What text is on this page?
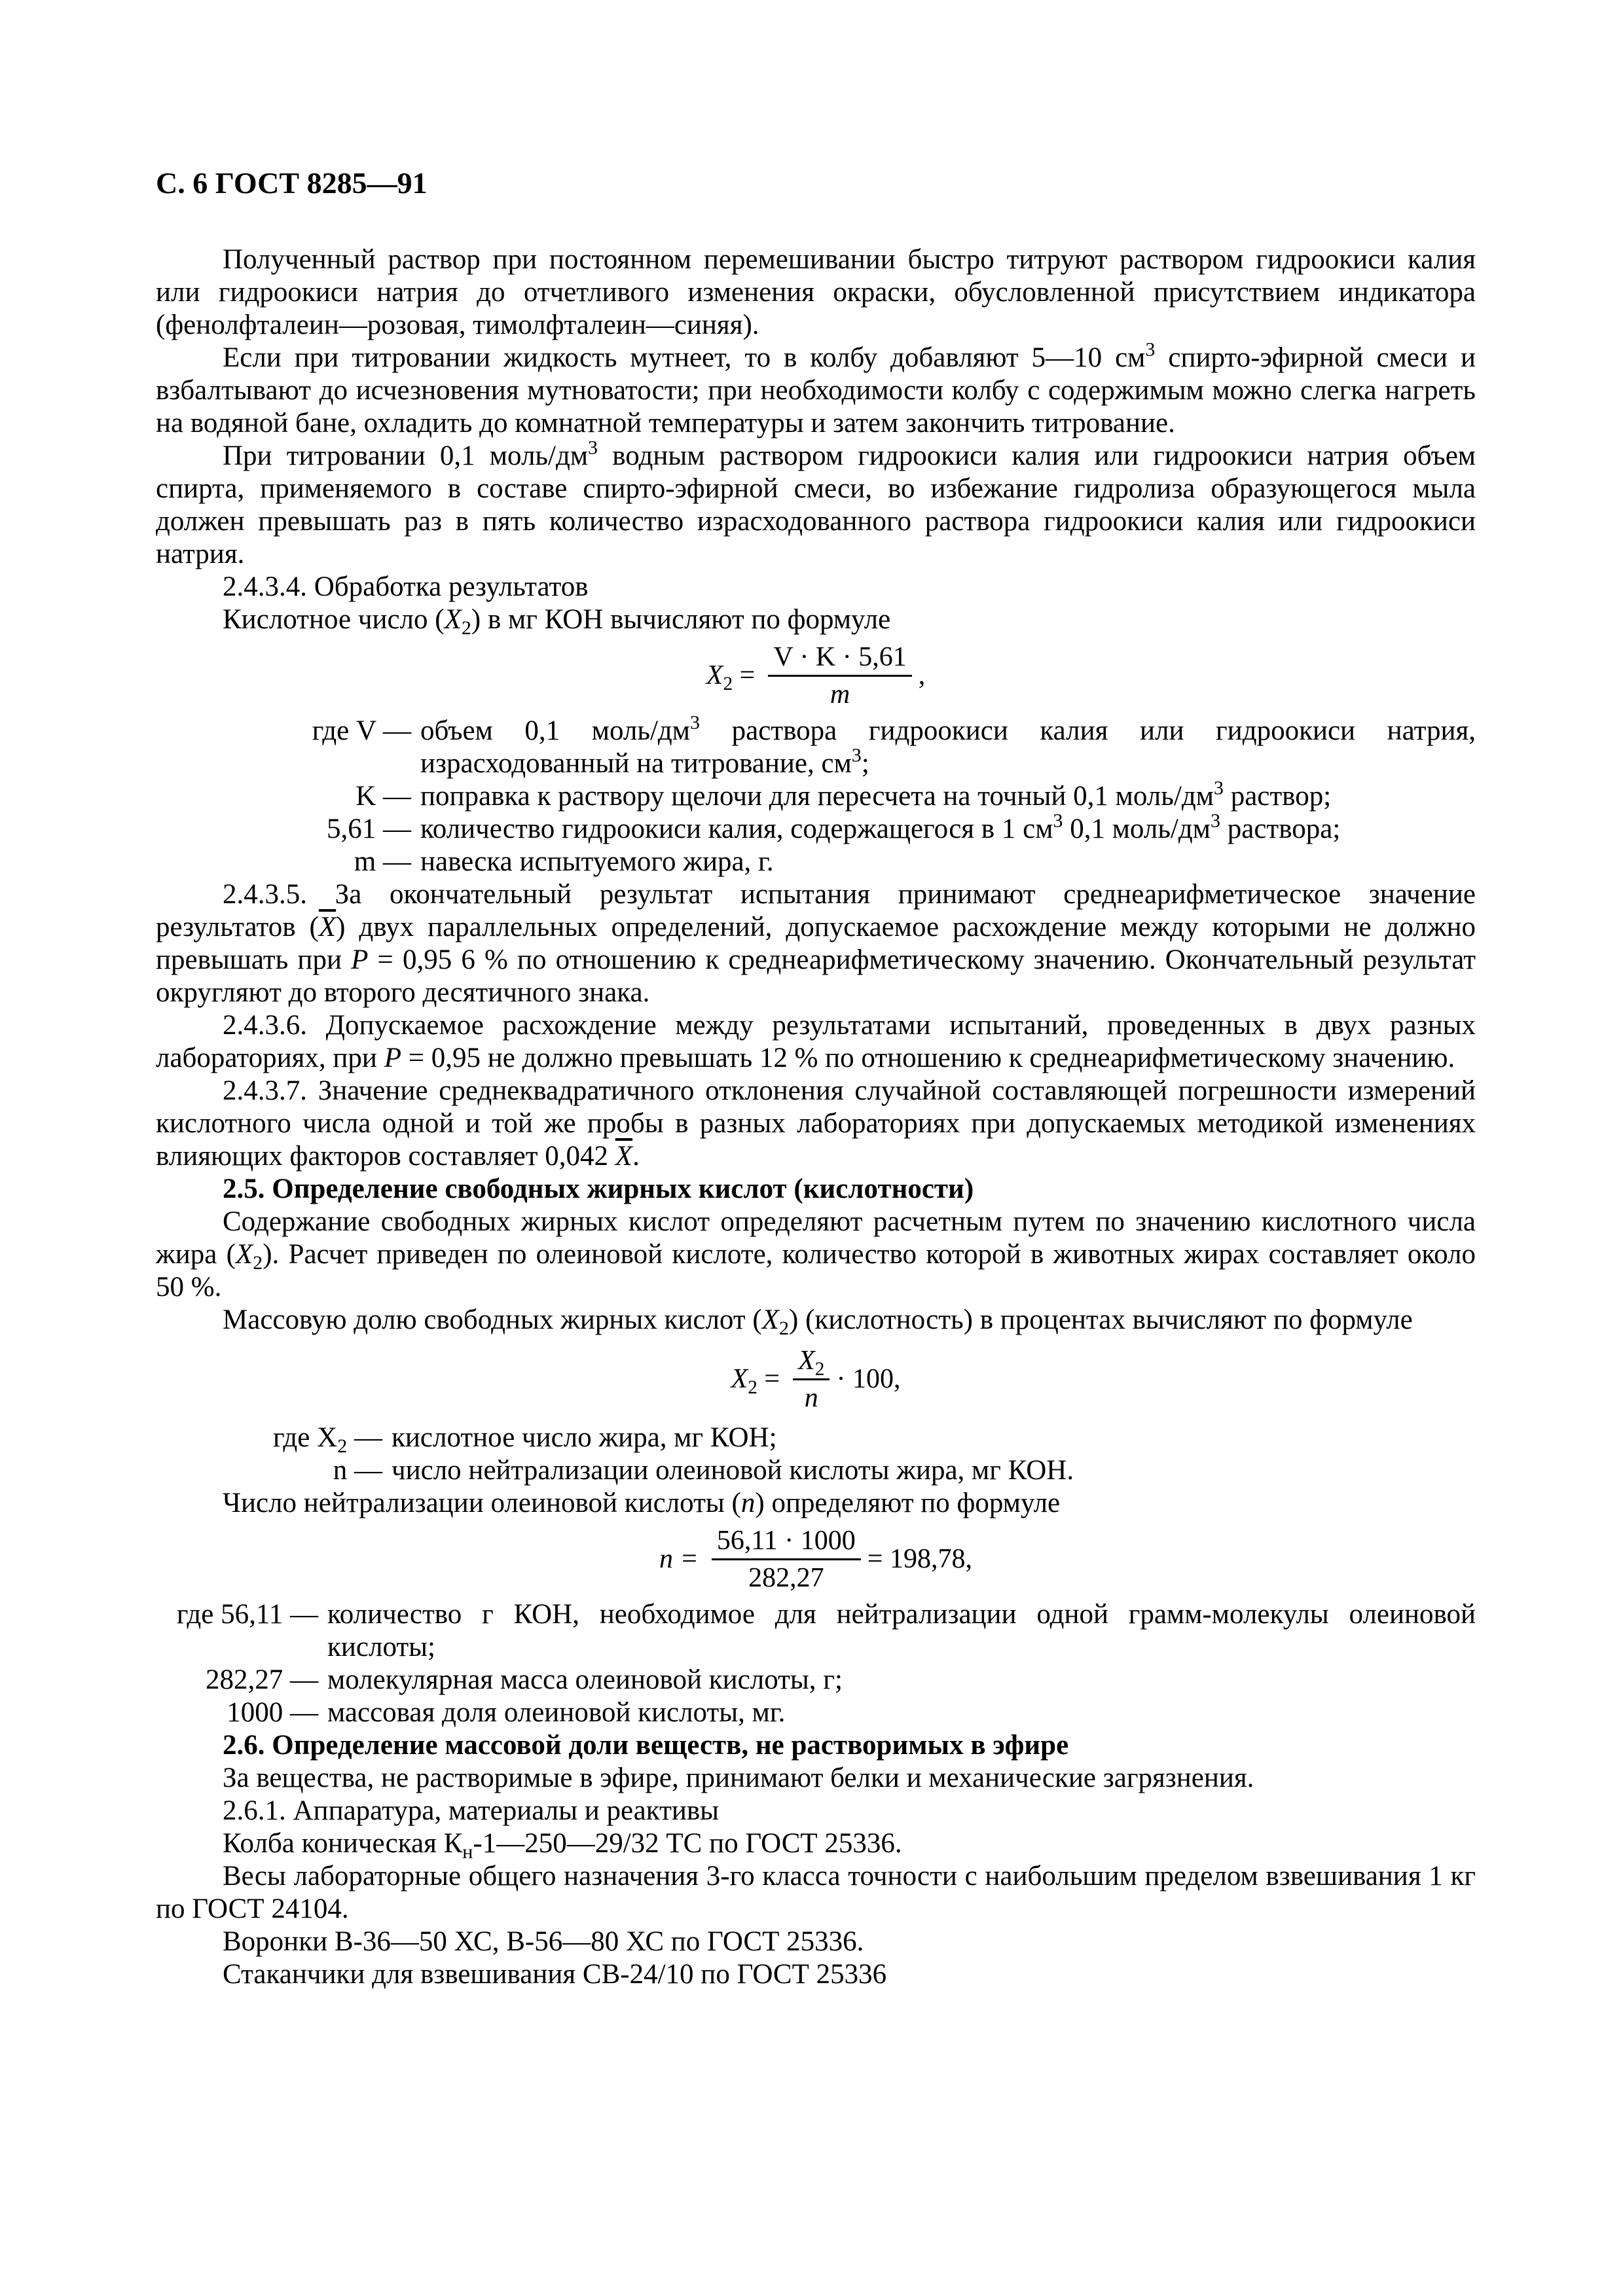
С. 6 ГОСТ 8285—91

Полученный раствор при постоянном перемешивании быстро титруют раствором гидроокиси калия или гидроокиси натрия до отчетливого изменения окраски, обусловленной присутствием индикатора (фенолфталеин—розовая, тимолфталеин—синяя).

Если при титровании жидкость мутнеет, то в колбу добавляют 5—10 $см^3$ спирто-эфирной смеси и взбалтывают до исчезновения мутноватости; при необходимости колбу с содержимым можно слегка нагреть на водяной бане, охладить до комнатной температуры и затем закончить титрование.

При титровании 0,1 моль/$дм^3$ водным раствором гидроокиси калия или гидроокиси натрия объем спирта, применяемого в составе спирто-эфирной смеси, во избежание гидролиза образующегося мыла должен превышать раз в пять количество израсходованного раствора гидроокиси калия или гидроокиси натрия.

2.4.3.4. Обработка результатов

Кислотное число $(X_2)$ в мг КОН вычисляют по формуле

$X_2 = \frac{V \cdot K \cdot 5,61}{m}$ ,
где V — объем 0,1 моль/$дм^3$ раствора гидроокиси калия или гидроокиси натрия, израсходованный на титрование, $см^3$;
K — поправка к раствору щелочи для пересчета на точный 0,1 моль/$дм^3$ раствор;
5,61 — количество гидроокиси калия, содержащегося в 1 $см^3$ 0,1 моль/$дм^3$ раствора;
m — навеска испытуемого жира, г.

2.4.3.5. За окончательный результат испытания принимают среднеарифметическое значение результатов $(\overline{X})$ двух параллельных определений, допускаемое расхождение между которыми не должно превышать при P = 0,95 6 % по отношению к среднеарифметическому значению. Окончательный результат округляют до второго десятичного знака.

2.4.3.6. Допускаемое расхождение между результатами испытаний, проведенных в двух разных лабораториях, при P = 0,95 не должно превышать 12 % по отношению к среднеарифметическому значению.

2.4.3.7. Значение среднеквадратичного отклонения случайной составляющей погрешности измерений кислотного числа одной и той же пробы в разных лабораториях при допускаемых методикой изменениях влияющих факторов составляет 0,042 $\overline{X}$.

2.5. Определение свободных жирных кислот (кислотности)

Содержание свободных жирных кислот определяют расчетным путем по значению кислотного числа жира $(X_2)$. Расчет приведен по олеиновой кислоте, количество которой в животных жирах составляет около 50 %.

Массовую долю свободных жирных кислот $(X_2)$ (кислотность) в процентах вычисляют по формуле

$X_2 = \frac{X_2}{n} \cdot 100$,
где $X_2$ — кислотное число жира, мг КОН;
n — число нейтрализации олеиновой кислоты жира, мг КОН.

Число нейтрализации олеиновой кислоты (n) определяют по формуле

$n = \frac{56,11 \cdot 1000}{282,27} = 198,78$,
где 56,11 — количество г КОН, необходимое для нейтрализации одной грамм-молекулы олеиновой кислоты;
282,27 — молекулярная масса олеиновой кислоты, г;
1000 — массовая доля олеиновой кислоты, мг.

2.6. Определение массовой доли веществ, не растворимых в эфире

За вещества, не растворимые в эфире, принимают белки и механические загрязнения.

2.6.1. Аппаратура, материалы и реактивы

Колба коническая $К_н-1—250—29/32$ ТС по ГОСТ 25336.

Весы лабораторные общего назначения 3-го класса точности с наибольшим пределом взвешивания 1 кг по ГОСТ 24104.

Воронки В-36—50 ХС, В-56—80 ХС по ГОСТ 25336.

Стаканчики для взвешивания СВ-24/10 по ГОСТ 25336
